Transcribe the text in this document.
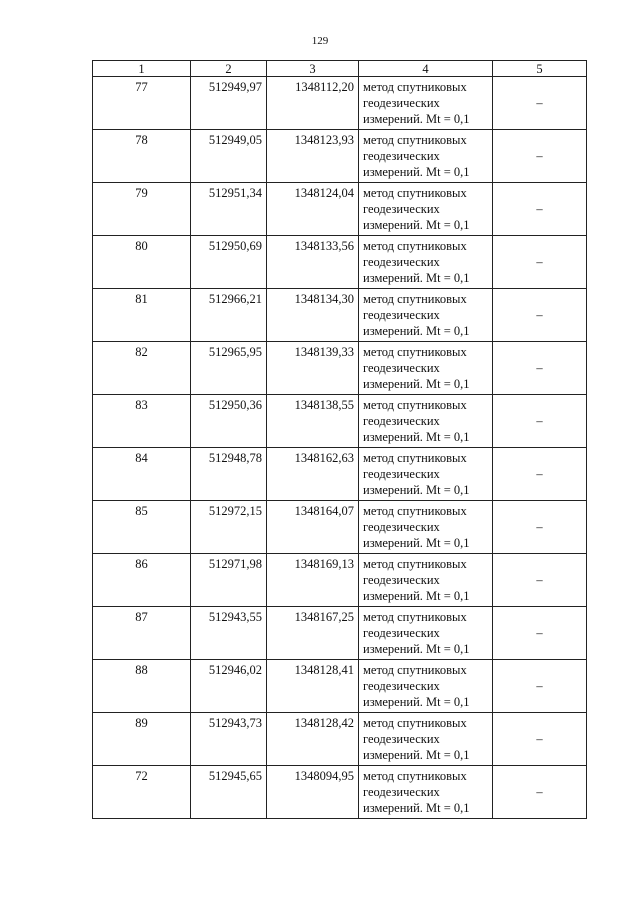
129
1	2	3	4	5
77	512949,97	1348112,20	метод спутниковых
геодезических
измерений. Mt = 0,1	–
78	512949,05	1348123,93	метод спутниковых
геодезических
измерений. Mt = 0,1	–
79	512951,34	1348124,04	метод спутниковых
геодезических
измерений. Mt = 0,1	–
80	512950,69	1348133,56	метод спутниковых
геодезических
измерений. Mt = 0,1	–
81	512966,21	1348134,30	метод спутниковых
геодезических
измерений. Mt = 0,1	–
82	512965,95	1348139,33	метод спутниковых
геодезических
измерений. Mt = 0,1	–
83	512950,36	1348138,55	метод спутниковых
геодезических
измерений. Mt = 0,1	–
84	512948,78	1348162,63	метод спутниковых
геодезических
измерений. Mt = 0,1	–
85	512972,15	1348164,07	метод спутниковых
геодезических
измерений. Mt = 0,1	–
86	512971,98	1348169,13	метод спутниковых
геодезических
измерений. Mt = 0,1	–
87	512943,55	1348167,25	метод спутниковых
геодезических
измерений. Mt = 0,1	–
88	512946,02	1348128,41	метод спутниковых
геодезических
измерений. Mt = 0,1	–
89	512943,73	1348128,42	метод спутниковых
геодезических
измерений. Mt = 0,1	–
72	512945,65	1348094,95	метод спутниковых
геодезических
измерений. Mt = 0,1	–
